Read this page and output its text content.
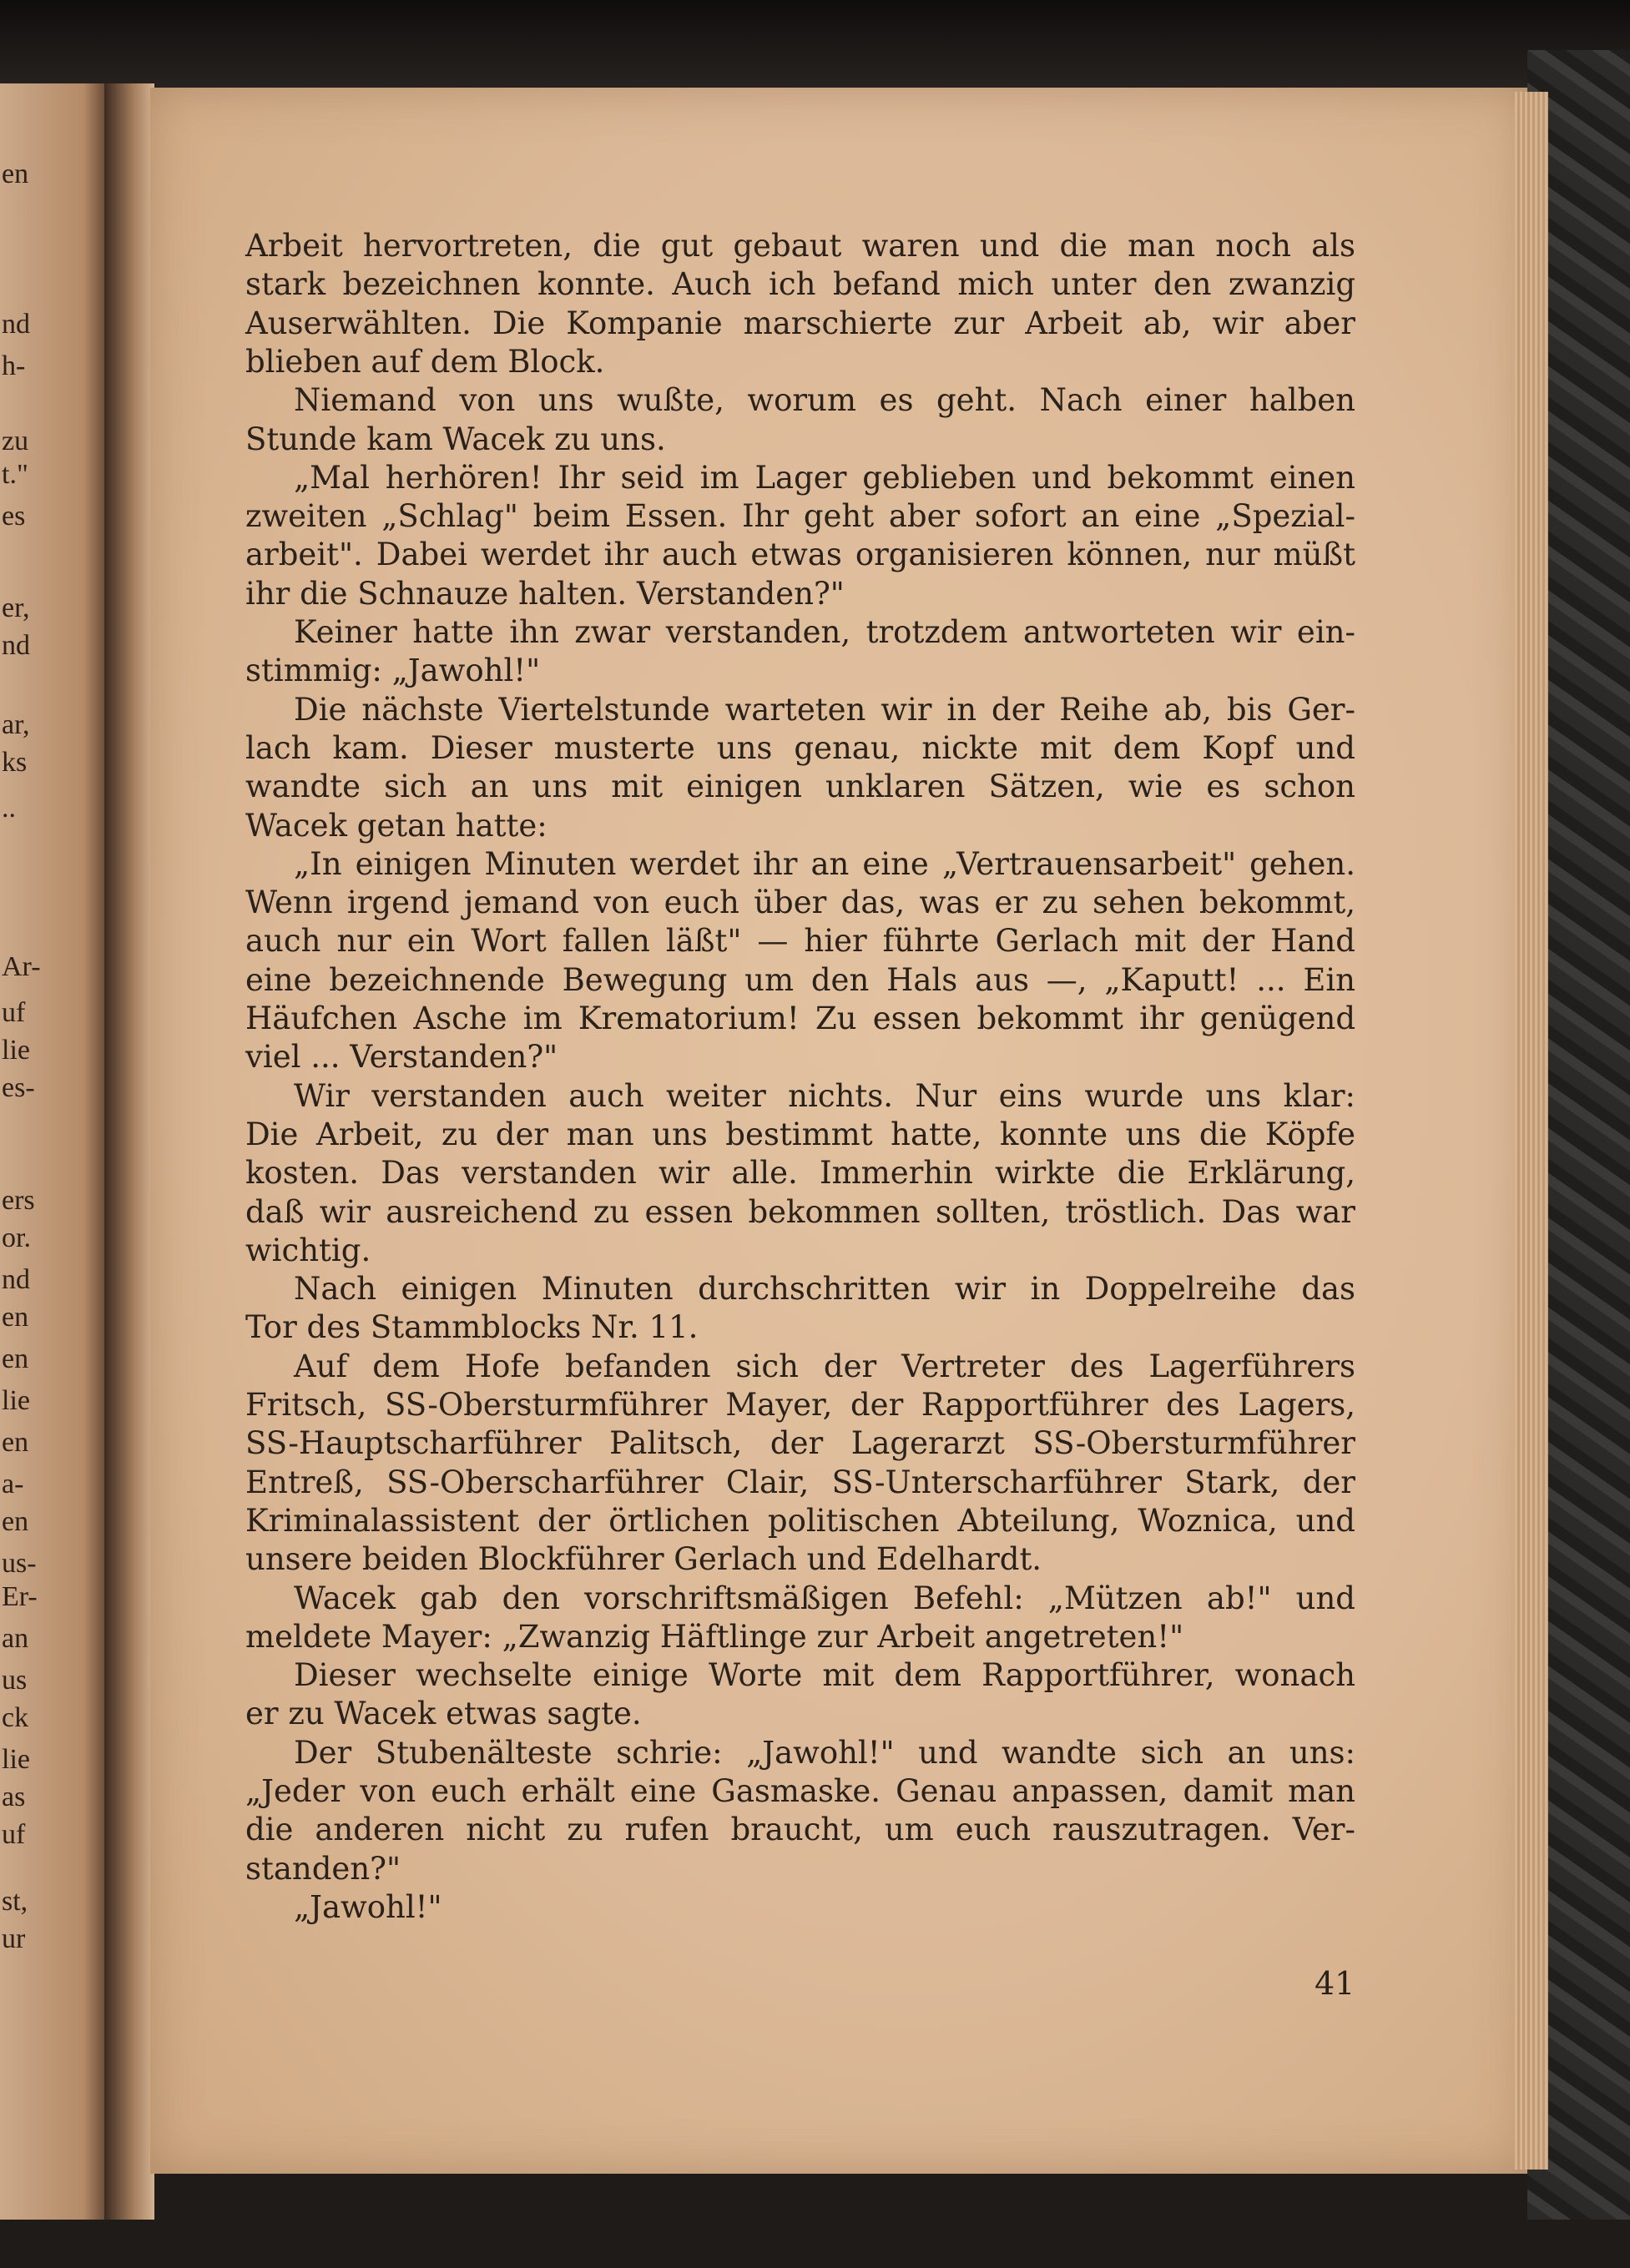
en
nd
h-
zu
t."
es
er,
nd
ar,
ks
..
Ar-
uf
lie
es-
ers
or.
nd
en
en
lie
en
a-
en
us-
Er-
an
us
ck
lie
as
uf
st,
ur
Arbeit hervortreten, die gut gebaut waren und die man noch als
stark bezeichnen konnte. Auch ich befand mich unter den zwanzig
Auserwählten. Die Kompanie marschierte zur Arbeit ab, wir aber
blieben auf dem Block.
Niemand von uns wußte, worum es geht. Nach einer halben
Stunde kam Wacek zu uns.
„Mal herhören! Ihr seid im Lager geblieben und bekommt einen
zweiten „Schlag" beim Essen. Ihr geht aber sofort an eine „Spezial-
arbeit". Dabei werdet ihr auch etwas organisieren können, nur müßt
ihr die Schnauze halten. Verstanden?"
Keiner hatte ihn zwar verstanden, trotzdem antworteten wir ein-
stimmig: „Jawohl!"
Die nächste Viertelstunde warteten wir in der Reihe ab, bis Ger-
lach kam. Dieser musterte uns genau, nickte mit dem Kopf und
wandte sich an uns mit einigen unklaren Sätzen, wie es schon
Wacek getan hatte:
„In einigen Minuten werdet ihr an eine „Vertrauensarbeit" gehen.
Wenn irgend jemand von euch über das, was er zu sehen bekommt,
auch nur ein Wort fallen läßt" — hier führte Gerlach mit der Hand
eine bezeichnende Bewegung um den Hals aus —, „Kaputt! ... Ein
Häufchen Asche im Krematorium! Zu essen bekommt ihr genügend
viel ... Verstanden?"
Wir verstanden auch weiter nichts. Nur eins wurde uns klar:
Die Arbeit, zu der man uns bestimmt hatte, konnte uns die Köpfe
kosten. Das verstanden wir alle. Immerhin wirkte die Erklärung,
daß wir ausreichend zu essen bekommen sollten, tröstlich. Das war
wichtig.
Nach einigen Minuten durchschritten wir in Doppelreihe das
Tor des Stammblocks Nr. 11.
Auf dem Hofe befanden sich der Vertreter des Lagerführers
Fritsch, SS-Obersturmführer Mayer, der Rapportführer des Lagers,
SS-Hauptscharführer Palitsch, der Lagerarzt SS-Obersturmführer
Entreß, SS-Oberscharführer Clair, SS-Unterscharführer Stark, der
Kriminalassistent der örtlichen politischen Abteilung, Woznica, und
unsere beiden Blockführer Gerlach und Edelhardt.
Wacek gab den vorschriftsmäßigen Befehl: „Mützen ab!" und
meldete Mayer: „Zwanzig Häftlinge zur Arbeit angetreten!"
Dieser wechselte einige Worte mit dem Rapportführer, wonach
er zu Wacek etwas sagte.
Der Stubenälteste schrie: „Jawohl!" und wandte sich an uns:
„Jeder von euch erhält eine Gasmaske. Genau anpassen, damit man
die anderen nicht zu rufen braucht, um euch rauszutragen. Ver-
standen?"
„Jawohl!"
41
